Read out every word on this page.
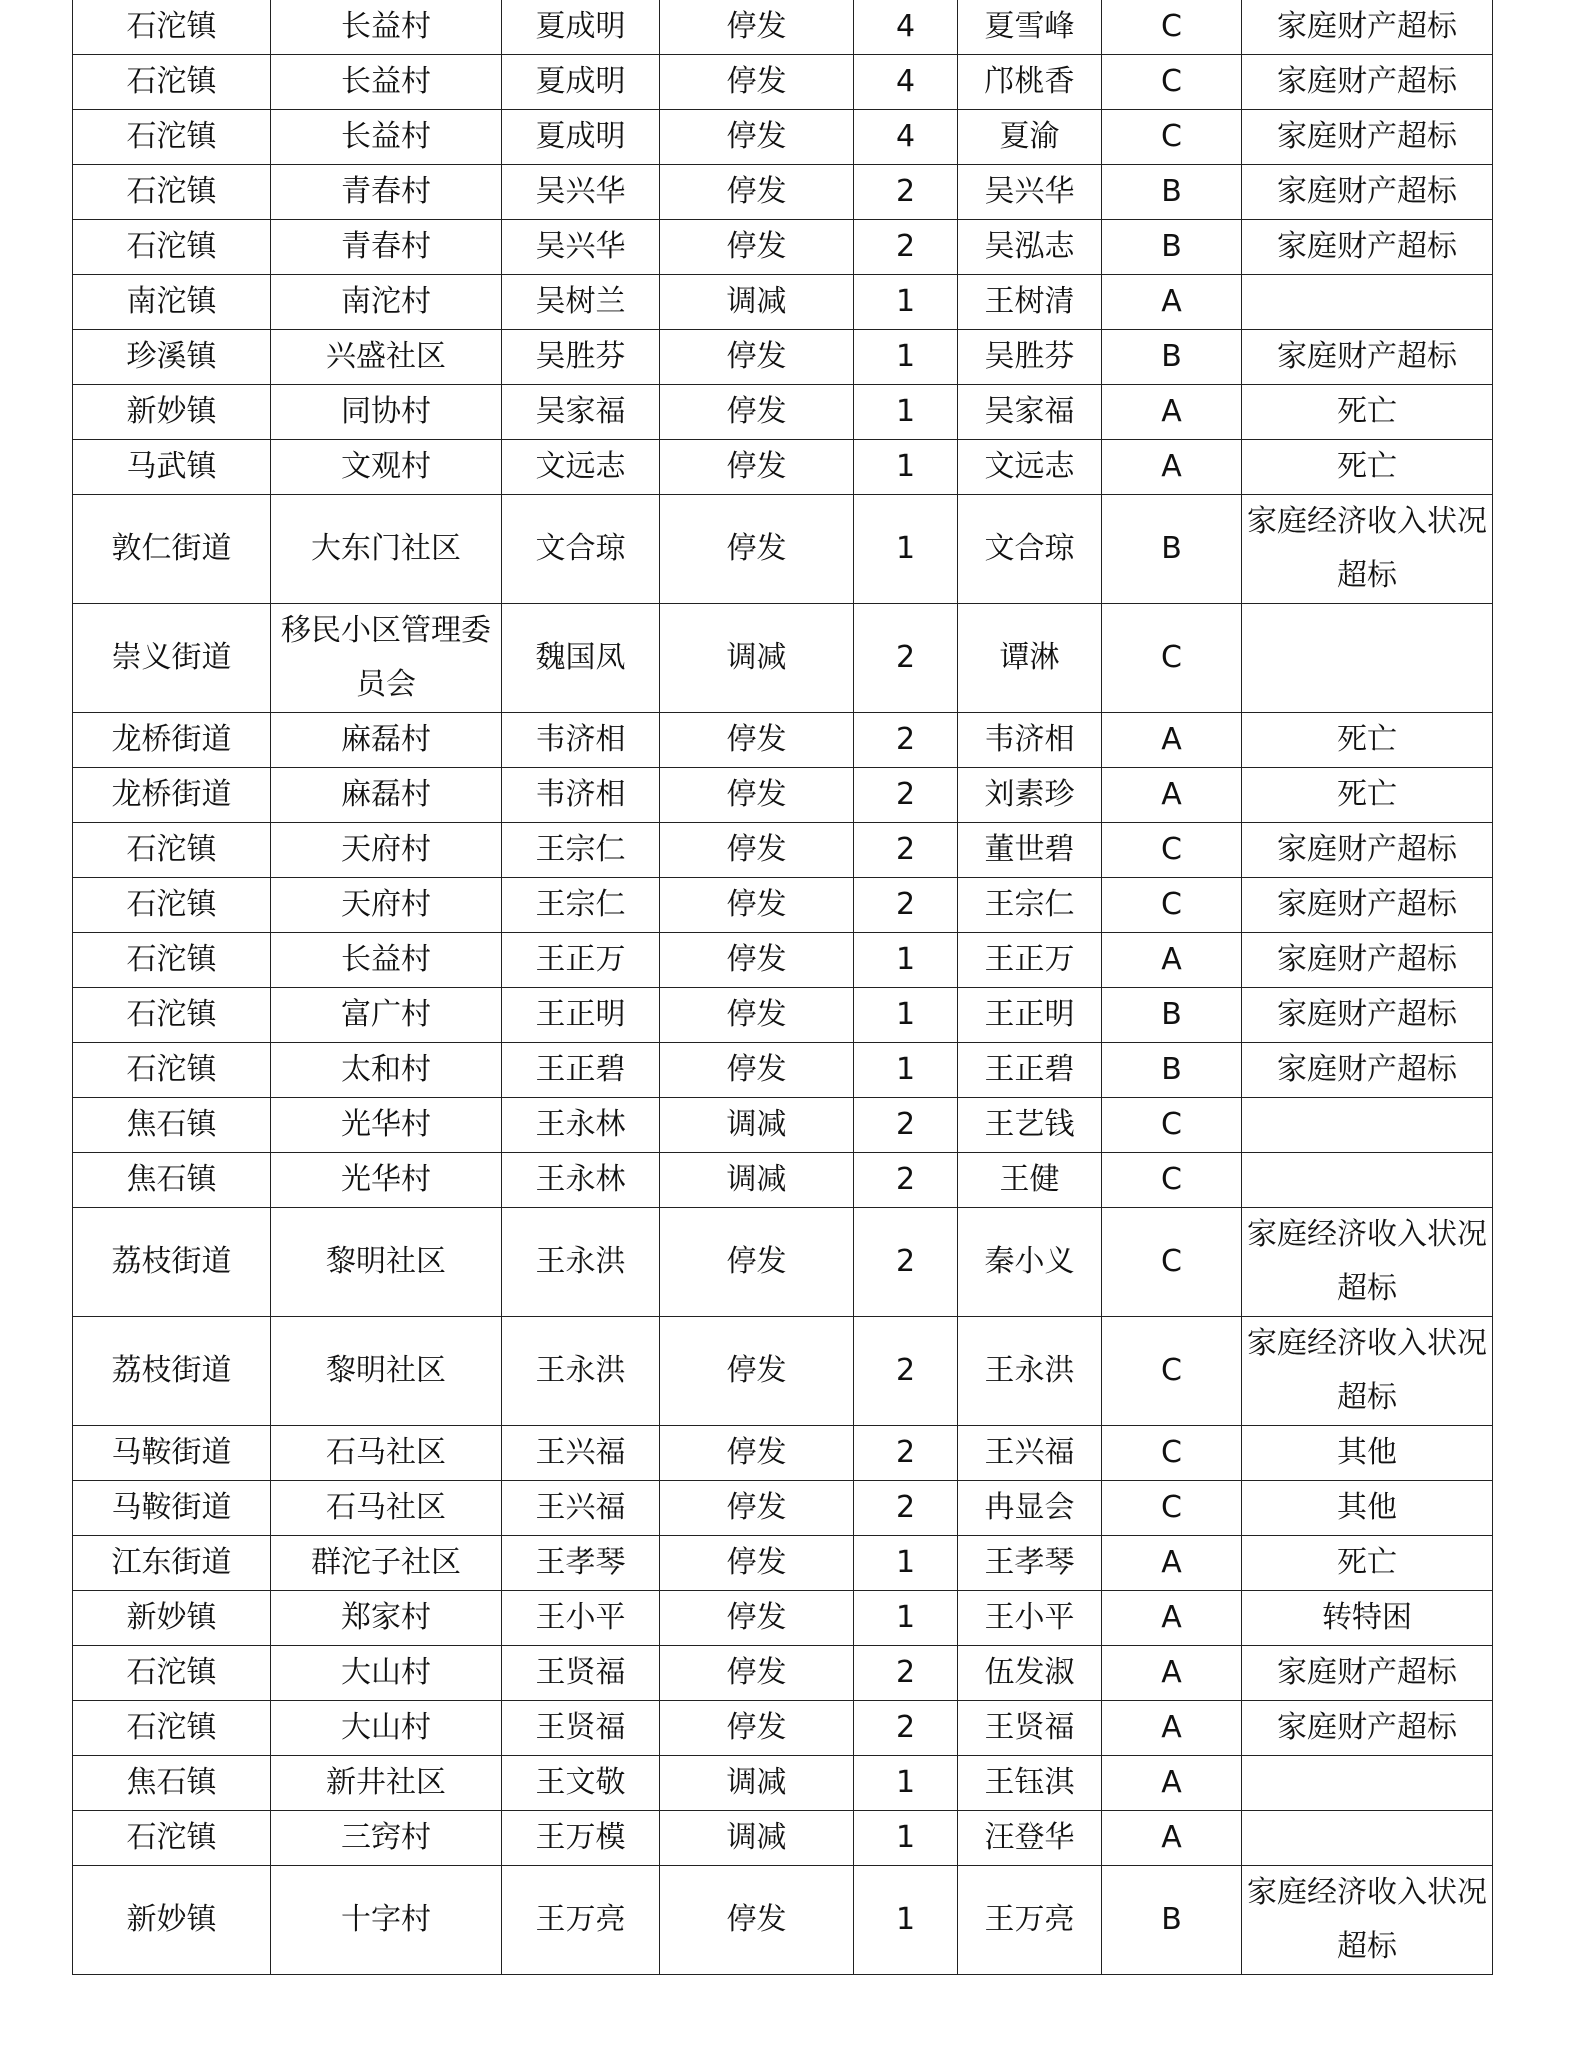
石沱镇	长益村	夏成明	停发	4	夏雪峰	C	家庭财产超标

石沱镇	长益村	夏成明	停发	4	邝桃香	C	家庭财产超标

石沱镇	长益村	夏成明	停发	4	夏渝	C	家庭财产超标

石沱镇	青春村	吴兴华	停发	2	吴兴华	B	家庭财产超标

石沱镇	青春村	吴兴华	停发	2	吴泓志	B	家庭财产超标

南沱镇	南沱村	吴树兰	调减	1	王树清	A	

珍溪镇	兴盛社区	吴胜芬	停发	1	吴胜芬	B	家庭财产超标

新妙镇	同协村	吴家福	停发	1	吴家福	A	死亡

马武镇	文观村	文远志	停发	1	文远志	A	死亡

敦仁街道	大东门社区	文合琼	停发	1	文合琼	B	家庭经济收入状况超标

崇义街道	移民小区管理委员会	魏国凤	调减	2	谭淋	C	

龙桥街道	麻磊村	韦济相	停发	2	韦济相	A	死亡

龙桥街道	麻磊村	韦济相	停发	2	刘素珍	A	死亡

石沱镇	天府村	王宗仁	停发	2	董世碧	C	家庭财产超标

石沱镇	天府村	王宗仁	停发	2	王宗仁	C	家庭财产超标

石沱镇	长益村	王正万	停发	1	王正万	A	家庭财产超标

石沱镇	富广村	王正明	停发	1	王正明	B	家庭财产超标

石沱镇	太和村	王正碧	停发	1	王正碧	B	家庭财产超标

焦石镇	光华村	王永林	调减	2	王艺钱	C	

焦石镇	光华村	王永林	调减	2	王健	C	

荔枝街道	黎明社区	王永洪	停发	2	秦小义	C	家庭经济收入状况超标

荔枝街道	黎明社区	王永洪	停发	2	王永洪	C	家庭经济收入状况超标

马鞍街道	石马社区	王兴福	停发	2	王兴福	C	其他

马鞍街道	石马社区	王兴福	停发	2	冉显会	C	其他

江东街道	群沱子社区	王孝琴	停发	1	王孝琴	A	死亡

新妙镇	郑家村	王小平	停发	1	王小平	A	转特困

石沱镇	大山村	王贤福	停发	2	伍发淑	A	家庭财产超标

石沱镇	大山村	王贤福	停发	2	王贤福	A	家庭财产超标

焦石镇	新井社区	王文敬	调减	1	王钰淇	A	

石沱镇	三窍村	王万模	调减	1	汪登华	A	

新妙镇	十字村	王万亮	停发	1	王万亮	B	家庭经济收入状况超标
